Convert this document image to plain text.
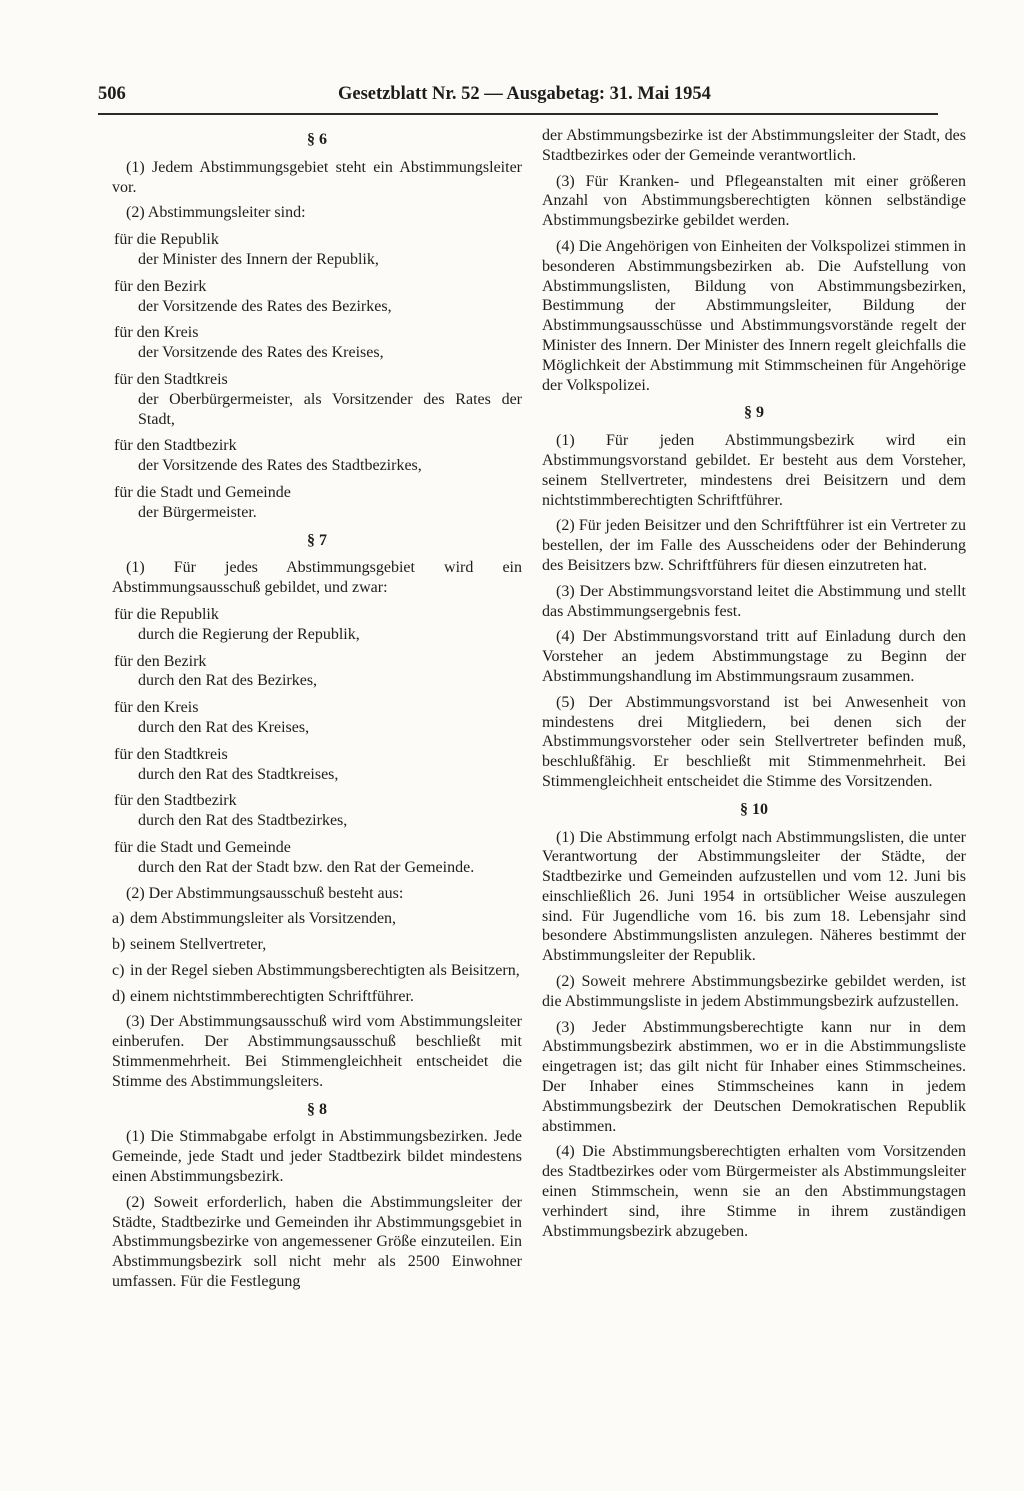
506	Gesetzblatt Nr. 52 — Ausgabetag: 31. Mai 1954
§ 6

(1) Jedem Abstimmungsgebiet steht ein Abstimmungsleiter vor.

(2) Abstimmungsleiter sind:

für die Republik
der Minister des Innern der Republik,
für den Bezirk
der Vorsitzende des Rates des Bezirkes,
für den Kreis
der Vorsitzende des Rates des Kreises,
für den Stadtkreis
der Oberbürgermeister, als Vorsitzender des Rates der Stadt,
für den Stadtbezirk
der Vorsitzende des Rates des Stadtbezirkes,
für die Stadt und Gemeinde
der Bürgermeister.
§ 7

(1) Für jedes Abstimmungsgebiet wird ein Abstimmungsausschuß gebildet, und zwar:

für die Republik
durch die Regierung der Republik,
für den Bezirk
durch den Rat des Bezirkes,
für den Kreis
durch den Rat des Kreises,
für den Stadtkreis
durch den Rat des Stadtkreises,
für den Stadtbezirk
durch den Rat des Stadtbezirkes,
für die Stadt und Gemeinde
durch den Rat der Stadt bzw. den Rat der Gemeinde.

(2) Der Abstimmungsausschuß besteht aus:

a) dem Abstimmungsleiter als Vorsitzenden,
b) seinem Stellvertreter,
c) in der Regel sieben Abstimmungsberechtigten als Beisitzern,
d) einem nichtstimmberechtigten Schriftführer.

(3) Der Abstimmungsausschuß wird vom Abstimmungsleiter einberufen. Der Abstimmungsausschuß beschließt mit Stimmenmehrheit. Bei Stimmengleichheit entscheidet die Stimme des Abstimmungsleiters.

§ 8

(1) Die Stimmabgabe erfolgt in Abstimmungsbezirken. Jede Gemeinde, jede Stadt und jeder Stadtbezirk bildet mindestens einen Abstimmungsbezirk.

(2) Soweit erforderlich, haben die Abstimmungsleiter der Städte, Stadtbezirke und Gemeinden ihr Abstimmungsgebiet in Abstimmungsbezirke von angemessener Größe einzuteilen. Ein Abstimmungsbezirk soll nicht mehr als 2500 Einwohner umfassen. Für die Festlegung

der Abstimmungsbezirke ist der Abstimmungsleiter der Stadt, des Stadtbezirkes oder der Gemeinde verantwortlich.

(3) Für Kranken- und Pflegeanstalten mit einer größeren Anzahl von Abstimmungsberechtigten können selbständige Abstimmungsbezirke gebildet werden.

(4) Die Angehörigen von Einheiten der Volkspolizei stimmen in besonderen Abstimmungsbezirken ab. Die Aufstellung von Abstimmungslisten, Bildung von Abstimmungsbezirken, Bestimmung der Abstimmungsleiter, Bildung der Abstimmungsausschüsse und Abstimmungsvorstände regelt der Minister des Innern. Der Minister des Innern regelt gleichfalls die Möglichkeit der Abstimmung mit Stimmscheinen für Angehörige der Volkspolizei.

§ 9

(1) Für jeden Abstimmungsbezirk wird ein Abstimmungsvorstand gebildet. Er besteht aus dem Vorsteher, seinem Stellvertreter, mindestens drei Beisitzern und dem nichtstimmberechtigten Schriftführer.

(2) Für jeden Beisitzer und den Schriftführer ist ein Vertreter zu bestellen, der im Falle des Ausscheidens oder der Behinderung des Beisitzers bzw. Schriftführers für diesen einzutreten hat.

(3) Der Abstimmungsvorstand leitet die Abstimmung und stellt das Abstimmungsergebnis fest.

(4) Der Abstimmungsvorstand tritt auf Einladung durch den Vorsteher an jedem Abstimmungstage zu Beginn der Abstimmungshandlung im Abstimmungsraum zusammen.

(5) Der Abstimmungsvorstand ist bei Anwesenheit von mindestens drei Mitgliedern, bei denen sich der Abstimmungsvorsteher oder sein Stellvertreter befinden muß, beschlußfähig. Er beschließt mit Stimmenmehrheit. Bei Stimmengleichheit entscheidet die Stimme des Vorsitzenden.

§ 10

(1) Die Abstimmung erfolgt nach Abstimmungslisten, die unter Verantwortung der Abstimmungsleiter der Städte, der Stadtbezirke und Gemeinden aufzustellen und vom 12. Juni bis einschließlich 26. Juni 1954 in ortsüblicher Weise auszulegen sind. Für Jugendliche vom 16. bis zum 18. Lebensjahr sind besondere Abstimmungslisten anzulegen. Näheres bestimmt der Abstimmungsleiter der Republik.

(2) Soweit mehrere Abstimmungsbezirke gebildet werden, ist die Abstimmungsliste in jedem Abstimmungsbezirk aufzustellen.

(3) Jeder Abstimmungsberechtigte kann nur in dem Abstimmungsbezirk abstimmen, wo er in die Abstimmungsliste eingetragen ist; das gilt nicht für Inhaber eines Stimmscheines. Der Inhaber eines Stimmscheines kann in jedem Abstimmungsbezirk der Deutschen Demokratischen Republik abstimmen.

(4) Die Abstimmungsberechtigten erhalten vom Vorsitzenden des Stadtbezirkes oder vom Bürgermeister als Abstimmungsleiter einen Stimmschein, wenn sie an den Abstimmungstagen verhindert sind, ihre Stimme in ihrem zuständigen Abstimmungsbezirk abzugeben.
